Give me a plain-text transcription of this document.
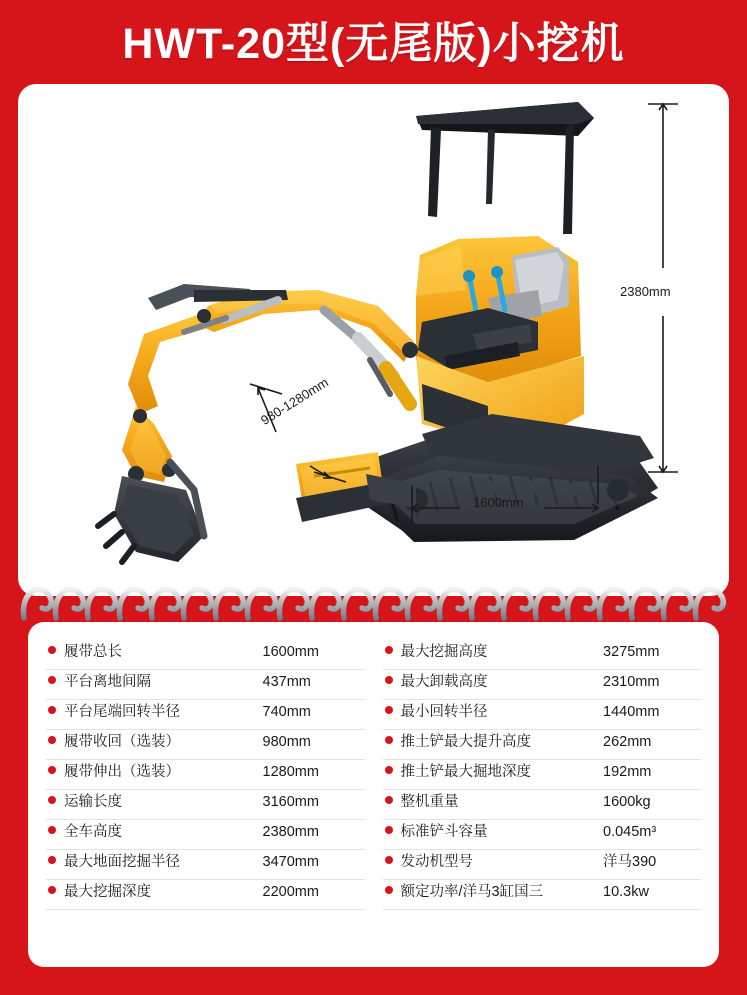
HWT-20型(无尾版)小挖机
2380mm
1600mm
980-1280mm
履带总长	1600mm
平台离地间隔	437mm
平台尾端回转半径	740mm
履带收回（选装）	980mm
履带伸出（选装）	1280mm
运输长度	3160mm
全车高度	2380mm
最大地面挖掘半径	3470mm
最大挖掘深度	2200mm
最大挖掘高度	3275mm
最大卸载高度	2310mm
最小回转半径	1440mm
推土铲最大提升高度	262mm
推土铲最大掘地深度	192mm
整机重量	1600kg
标准铲斗容量	0.045m³
发动机型号	洋马390
额定功率/洋马3缸国三	10.3kw
